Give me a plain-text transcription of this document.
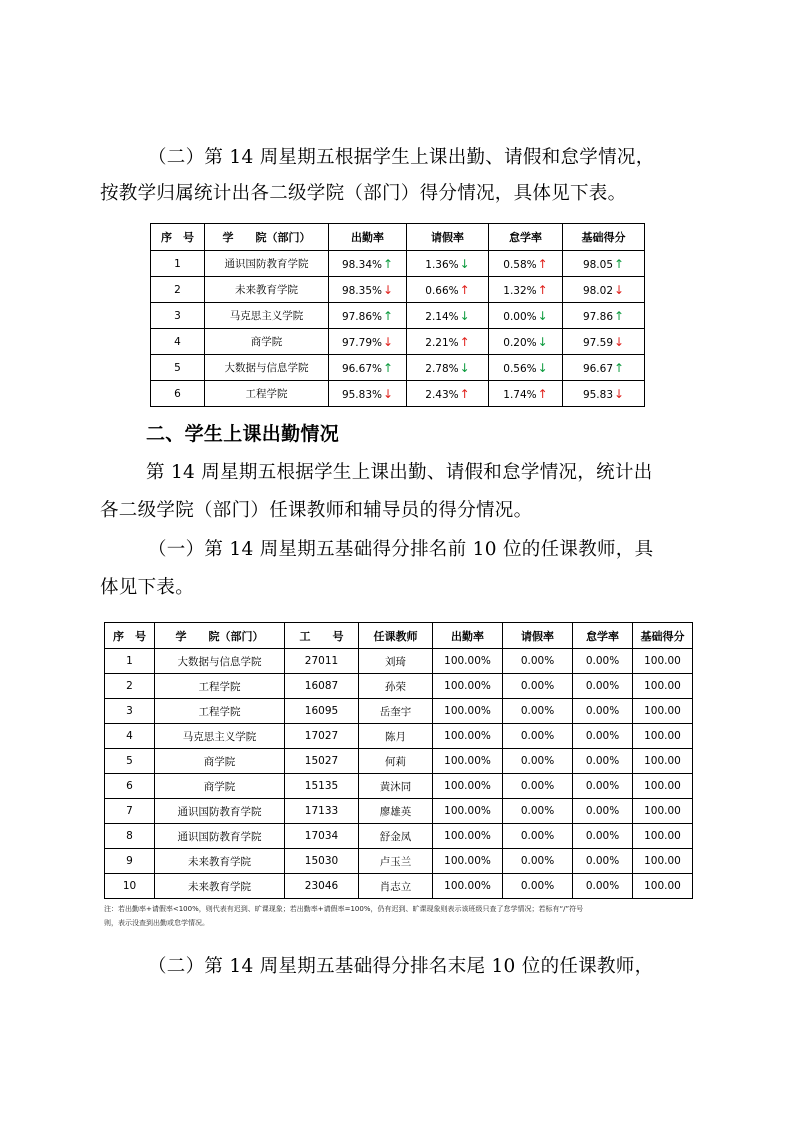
（二）第 14 周星期五根据学生上课出勤、请假和怠学情况，
按教学归属统计出各二级学院（部门）得分情况，具体见下表。
序　号	学　　院（部门）	出勤率	请假率	怠学率	基础得分
1	通识国防教育学院	98.34%↑	1.36%↓	0.58%↑	98.05↑
2	未来教育学院	98.35%↓	0.66%↑	1.32%↑	98.02↓
3	马克思主义学院	97.86%↑	2.14%↓	0.00%↓	97.86↑
4	商学院	97.79%↓	2.21%↑	0.20%↓	97.59↓
5	大数据与信息学院	96.67%↑	2.78%↓	0.56%↓	96.67↑
6	工程学院	95.83%↓	2.43%↑	1.74%↑	95.83↓
二、学生上课出勤情况
第 14 周星期五根据学生上课出勤、请假和怠学情况，统计出
各二级学院（部门）任课教师和辅导员的得分情况。
（一）第 14 周星期五基础得分排名前 10 位的任课教师，具
体见下表。
序　号	学　　院（部门）	工　　号	任课教师	出勤率	请假率	怠学率	基础得分
1	大数据与信息学院	27011	刘琦	100.00%	0.00%	0.00%	100.00
2	工程学院	16087	孙荣	100.00%	0.00%	0.00%	100.00
3	工程学院	16095	岳奎宇	100.00%	0.00%	0.00%	100.00
4	马克思主义学院	17027	陈月	100.00%	0.00%	0.00%	100.00
5	商学院	15027	何莉	100.00%	0.00%	0.00%	100.00
6	商学院	15135	黄沐同	100.00%	0.00%	0.00%	100.00
7	通识国防教育学院	17133	廖雄英	100.00%	0.00%	0.00%	100.00
8	通识国防教育学院	17034	舒金凤	100.00%	0.00%	0.00%	100.00
9	未来教育学院	15030	卢玉兰	100.00%	0.00%	0.00%	100.00
10	未来教育学院	23046	肖志立	100.00%	0.00%	0.00%	100.00
注：若出勤率+请假率<100%，则代表有迟到、旷课现象；若出勤率+请假率=100%，仍有迟到、旷课现象则表示该班级只查了怠学情况；若标有“/”符号
则，表示没查到出勤或怠学情况。
（二）第 14 周星期五基础得分排名末尾 10 位的任课教师，
